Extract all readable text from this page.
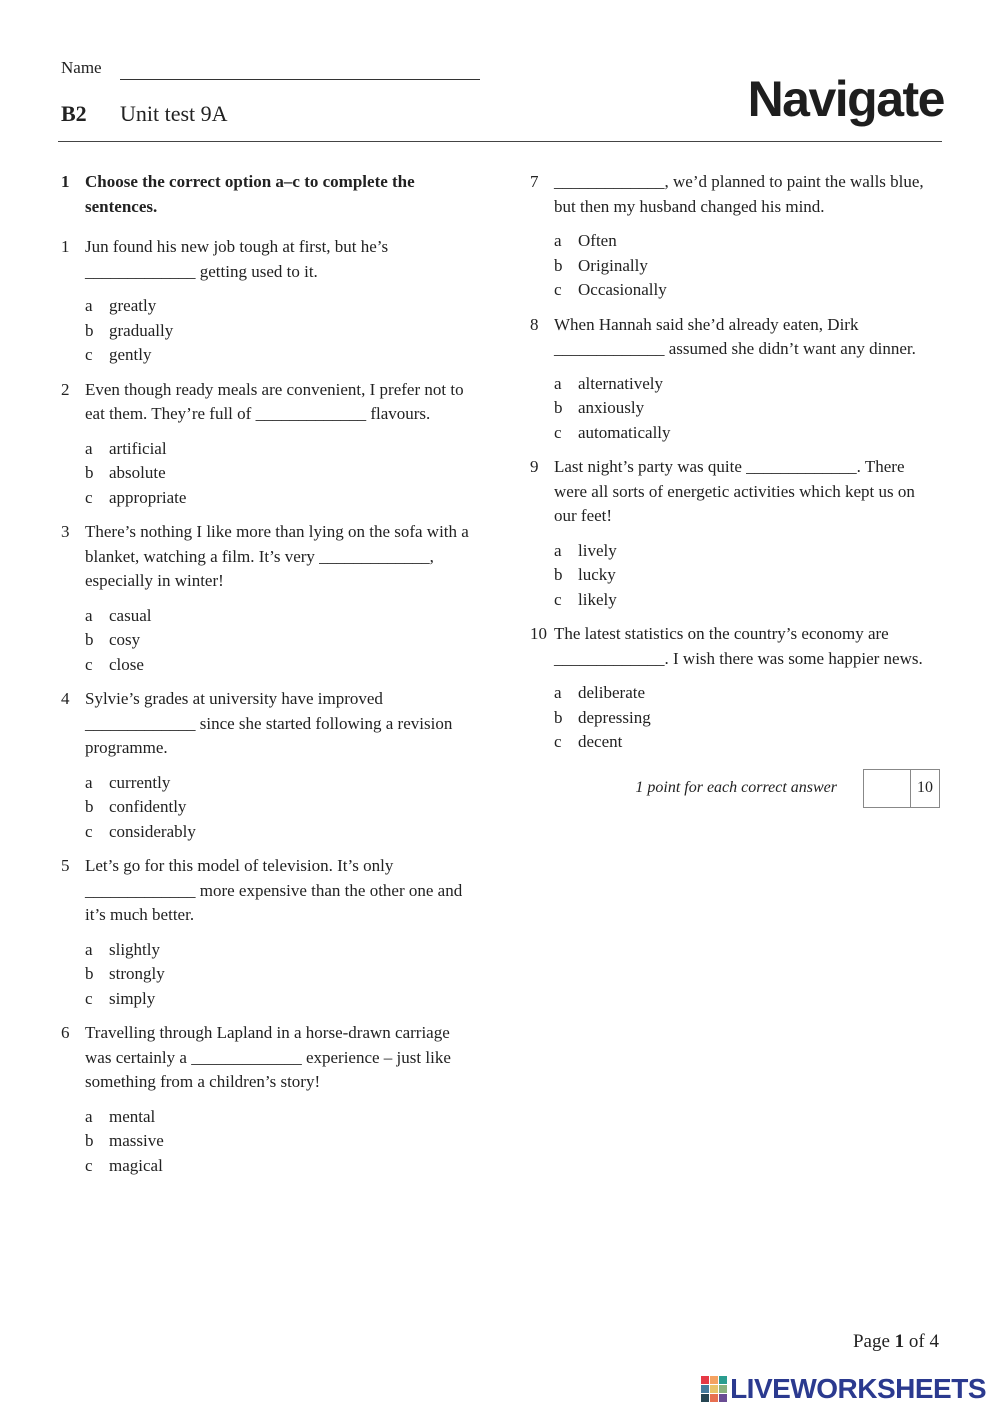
Name
B2 Unit test 9A	Navigate
1 Choose the correct option a–c to complete the sentences.
1 Jun found his new job tough at first, but he’s _____________ getting used to it.
a greatly
b gradually
c gently
2 Even though ready meals are convenient, I prefer not to eat them. They’re full of _____________ flavours.
a artificial
b absolute
c appropriate
3 There’s nothing I like more than lying on the sofa with a blanket, watching a film. It’s very _____________, especially in winter!
a casual
b cosy
c close
4 Sylvie’s grades at university have improved _____________ since she started following a revision programme.
a currently
b confidently
c considerably
5 Let’s go for this model of television. It’s only _____________ more expensive than the other one and it’s much better.
a slightly
b strongly
c simply
6 Travelling through Lapland in a horse-drawn carriage was certainly a _____________ experience – just like something from a children’s story!
a mental
b massive
c magical
7 _____________, we’d planned to paint the walls blue, but then my husband changed his mind.
a Often
b Originally
c Occasionally
8 When Hannah said she’d already eaten, Dirk _____________ assumed she didn’t want any dinner.
a alternatively
b anxiously
c automatically
9 Last night’s party was quite _____________. There were all sorts of energetic activities which kept us on our feet!
a lively
b lucky
c likely
10 The latest statistics on the country’s economy are _____________. I wish there was some happier news.
a deliberate
b depressing
c decent
1 point for each correct answer	10
Page 1 of 4
LIVEWORKSHEETS
